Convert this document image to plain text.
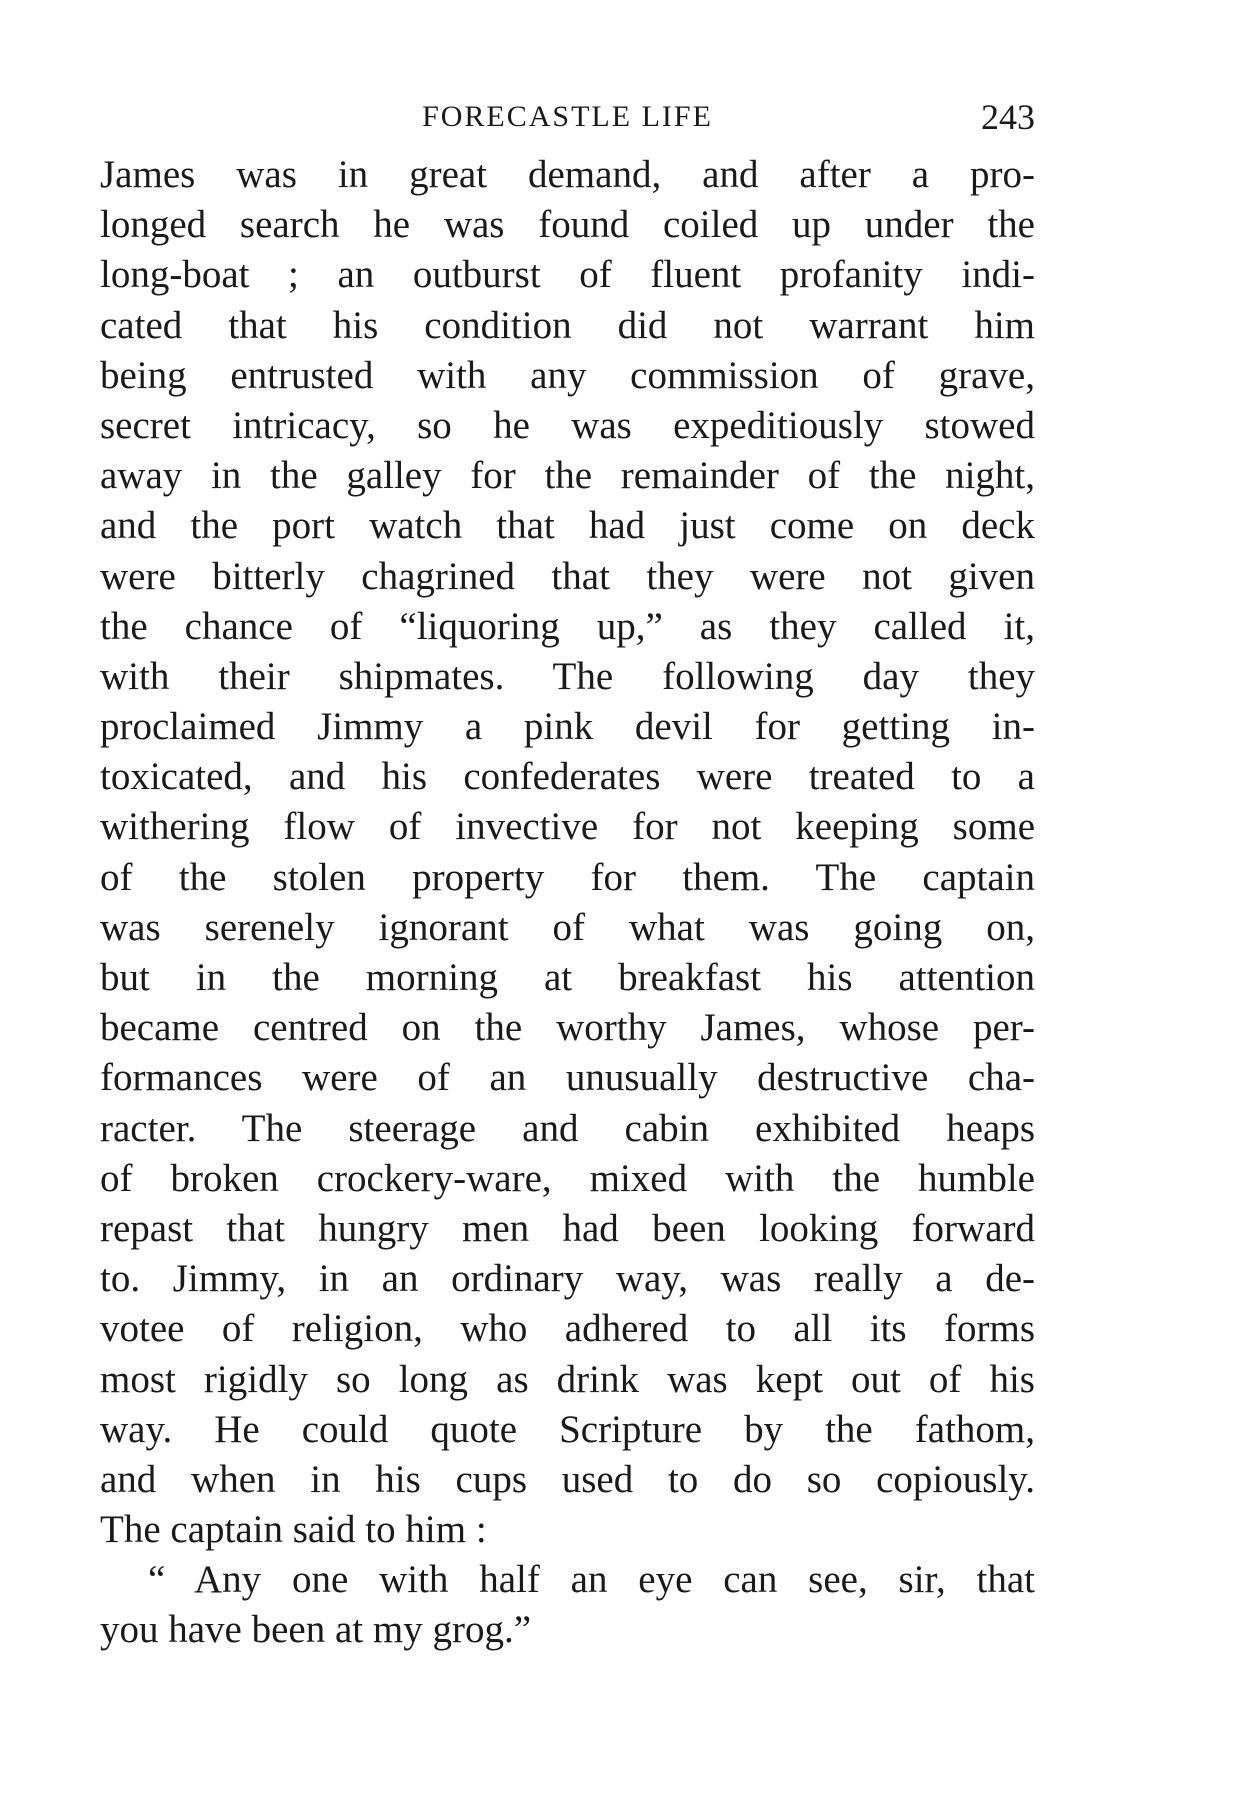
FORECASTLE LIFE	243
James was in great demand, and after a pro-
longed search he was found coiled up under the
long-boat ; an outburst of fluent profanity indi-
cated that his condition did not warrant him
being entrusted with any commission of grave,
secret intricacy, so he was expeditiously stowed
away in the galley for the remainder of the night,
and the port watch that had just come on deck
were bitterly chagrined that they were not given
the chance of “liquoring up,” as they called it,
with their shipmates. The following day they
proclaimed Jimmy a pink devil for getting in-
toxicated, and his confederates were treated to a
withering flow of invective for not keeping some
of the stolen property for them. The captain
was serenely ignorant of what was going on,
but in the morning at breakfast his attention
became centred on the worthy James, whose per-
formances were of an unusually destructive cha-
racter. The steerage and cabin exhibited heaps
of broken crockery-ware, mixed with the humble
repast that hungry men had been looking forward
to. Jimmy, in an ordinary way, was really a de-
votee of religion, who adhered to all its forms
most rigidly so long as drink was kept out of his
way. He could quote Scripture by the fathom,
and when in his cups used to do so copiously.
The captain said to him :
“ Any one with half an eye can see, sir, that
you have been at my grog.”
